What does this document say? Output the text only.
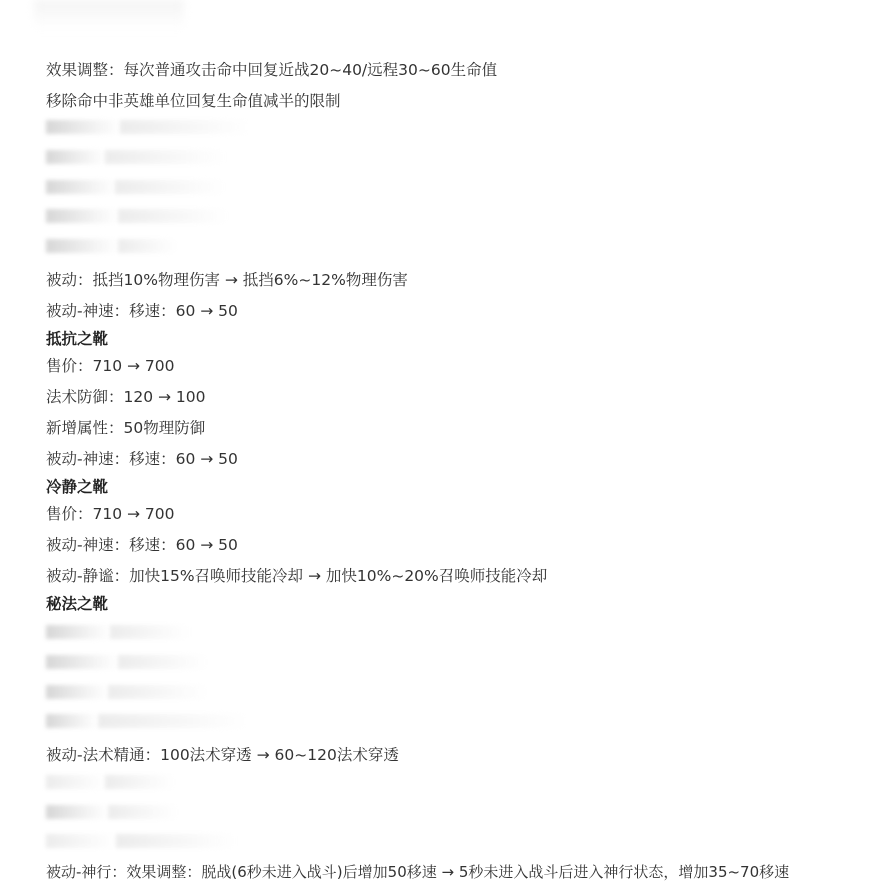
效果调整：每次普通攻击命中回复近战20~40/远程30~60生命值
移除命中非英雄单位回复生命值减半的限制
被动：抵挡10%物理伤害 → 抵挡6%~12%物理伤害
被动-神速：移速：60 → 50
抵抗之靴
售价：710 → 700
法术防御：120 → 100
新增属性：50物理防御
被动-神速：移速：60 → 50
冷静之靴
售价：710 → 700
被动-神速：移速：60 → 50
被动-静谧：加快15%召唤师技能冷却 → 加快10%~20%召唤师技能冷却
秘法之靴
被动-法术精通：100法术穿透 → 60~120法术穿透
被动-神行：效果调整：脱战(6秒未进入战斗)后增加50移速 → 5秒未进入战斗后进入神行状态，增加35~70移速
